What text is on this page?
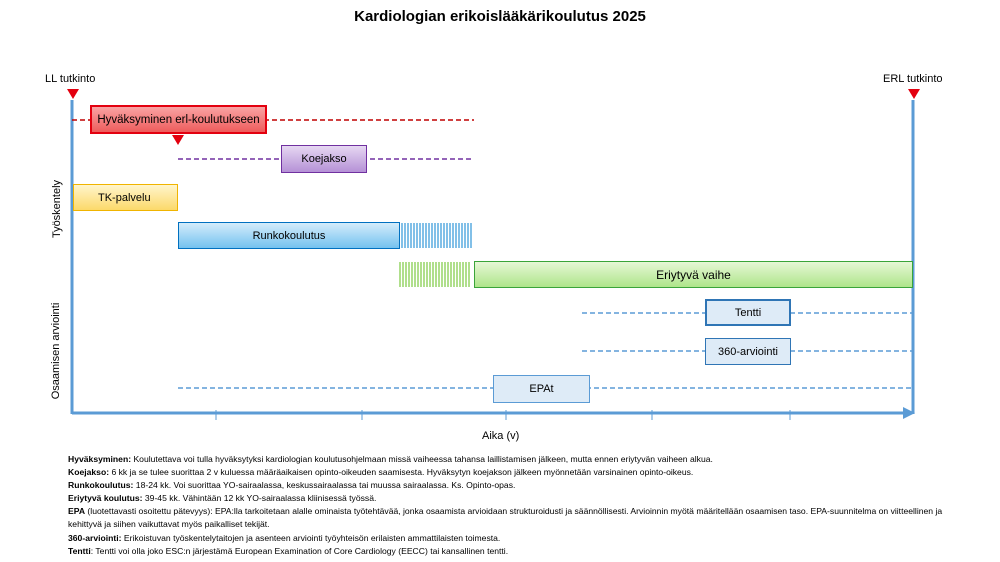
Kardiologian erikoislääkärikoulutus 2025
LL tutkinto	ERL tutkinto
Työskentely
Osaamisen arviointi
Hyväksyminen erl-koulutukseen
Koejakso
TK-palvelu
Runkokoulutus
Eriytyvä vaihe
Tentti
360-arviointi
EPAt
Aika (v)

Hyväksyminen: Koulutettava voi tulla hyväksytyksi kardiologian koulutusohjelmaan missä vaiheessa tahansa laillistamisen jälkeen, mutta ennen eriytyvän vaiheen alkua.

Koejakso: 6 kk ja se tulee suorittaa 2 v kuluessa määräaikaisen opinto-oikeuden saamisesta. Hyväksytyn koejakson jälkeen myönnetään varsinainen opinto-oikeus.

Runkokoulutus: 18-24 kk. Voi suorittaa YO-sairaalassa, keskussairaalassa tai muussa sairaalassa. Ks. Opinto-opas.

Eriytyvä koulutus: 39-45 kk. Vähintään 12 kk YO-sairaalassa kliinisessä työssä.

EPA (luotettavasti osoitettu pätevyys): EPA:lla tarkoitetaan alalle ominaista työtehtävää, jonka osaamista arvioidaan strukturoidusti ja säännöllisesti. Arvioinnin myötä määritellään osaamisen taso. EPA-suunnitelma on viitteellinen ja kehittyvä ja siihen vaikuttavat myös paikalliset tekijät.

360-arviointi: Erikoistuvan työskentelytaitojen ja asenteen arviointi työyhteisön erilaisten ammattilaisten toimesta.

Tentti: Tentti voi olla joko ESC:n järjestämä European Examination of Core Cardiology (EECC) tai kansallinen tentti.
